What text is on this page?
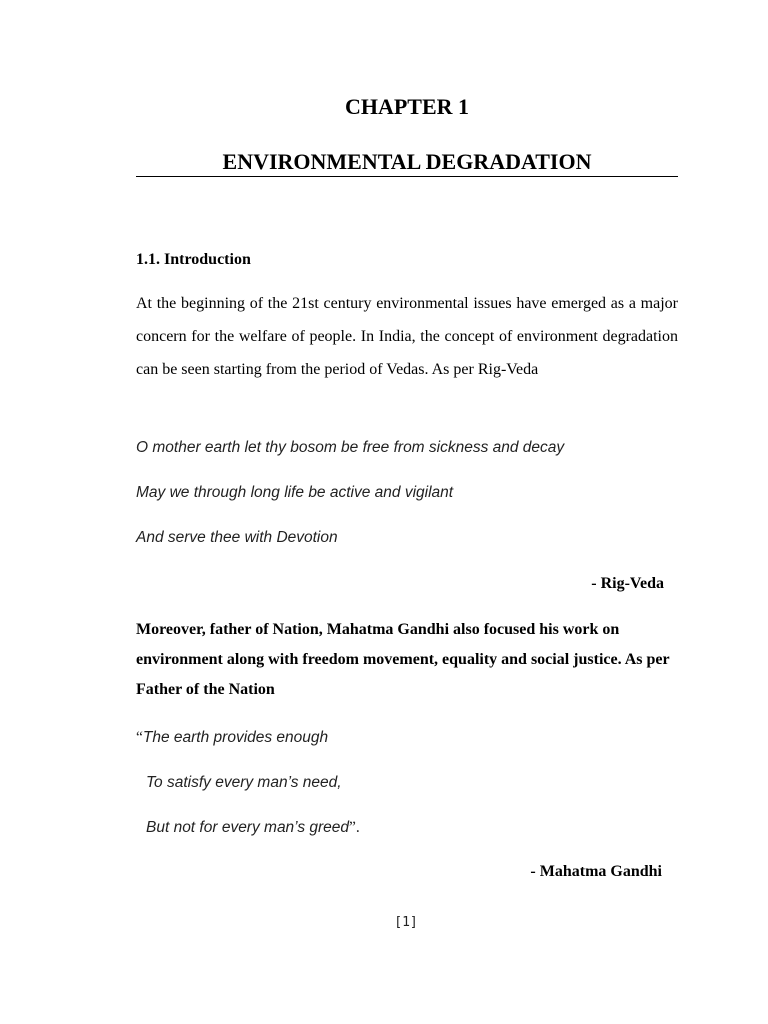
CHAPTER 1
ENVIRONMENTAL DEGRADATION
1.1. Introduction

At the beginning of the 21st century environmental issues have emerged as a major concern for the welfare of people. In India, the concept of environment degradation can be seen starting from the period of Vedas. As per Rig-Veda

O mother earth let thy bosom be free from sickness and decay

May we through long life be active and vigilant

And serve thee with Devotion

- Rig-Veda

Moreover, father of Nation, Mahatma Gandhi also focused his work on environment along with freedom movement, equality and social justice. As per Father of the Nation

“The earth provides enough

To satisfy every man’s need,

But not for every man’s greed”.

- Mahatma Gandhi

[1]
